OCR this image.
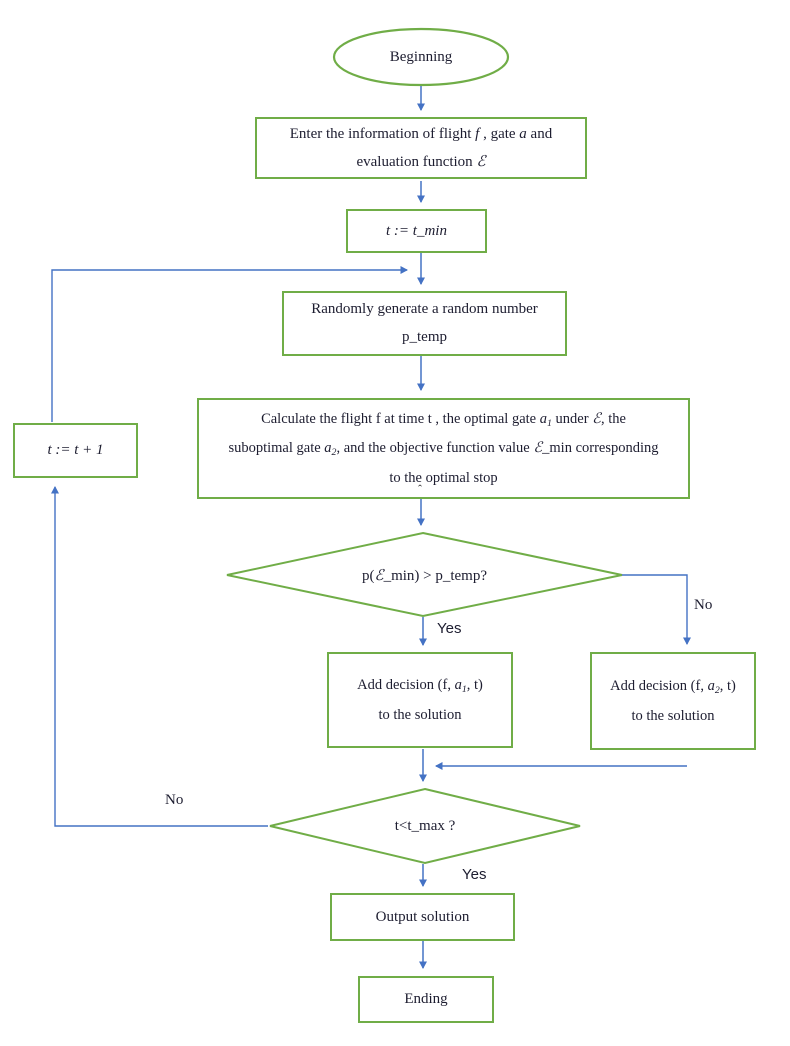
Beginning
Enter the information of flight f , gate a and
evaluation function ℰ
t := t_min
Randomly generate a random number
p_temp
Calculate the flight f at time t , the optimal gate a1 under ℰ, the
suboptimal gate a2, and the objective function value ℰ_min corresponding
to the optimal stop
ˆ
p(ℰ_min) > p_temp?
Add decision (f, a1, t)
to the solution
Add decision (f, a2, t)
to the solution
t<t_max ?
t := t + 1
Output solution
Ending
Yes
No
No
Yes
